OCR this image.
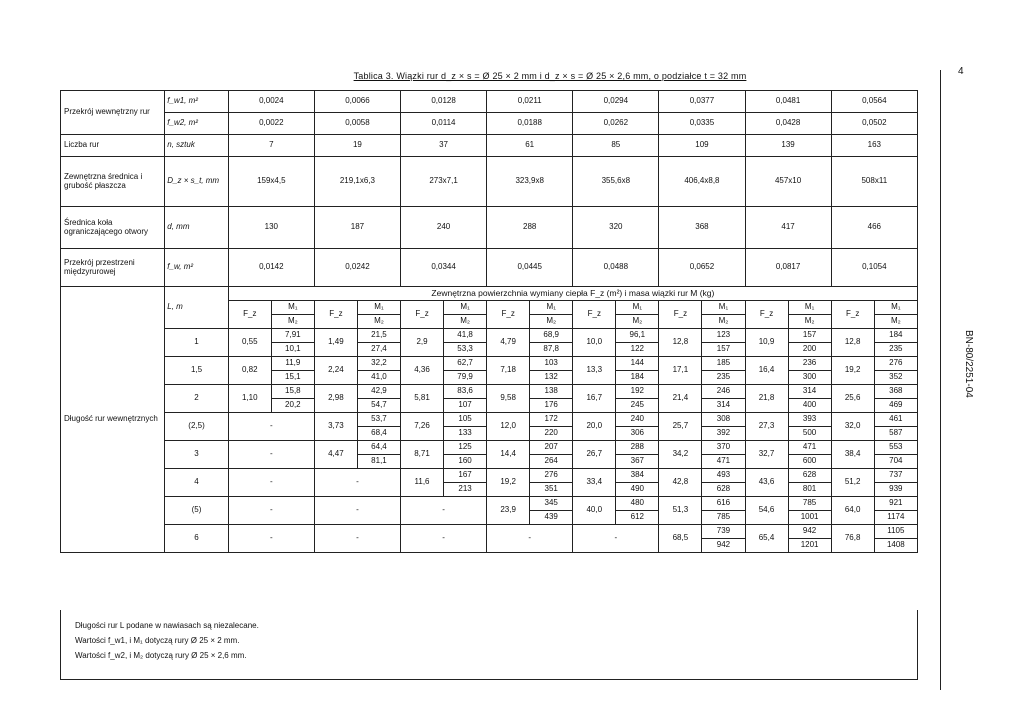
Tablica 3. Wiązki rur d_z × s = Ø 25 × 2 mm i d_z × s = Ø 25 × 2,6 mm, o podziałce t = 32 mm	4
BN-80/2251-04
Przekrój wewnętrzny rur	f_w1, m²	0,0024		0,0066		0,0128		0,0211		0,0294		0,0377		0,0481		0,0564	
	f_w2, m²	0,0022		0,0058		0,0114		0,0188		0,0262		0,0335		0,0428		0,0502	
Liczba rur	n, sztuk	7		19		37		61		85		109		139		163	
Zewnętrzna średnica i grubość płaszcza	D_z × s_t, mm	159x4,5		219,1x6,3		273x7,1		323,9x8		355,6x8		406,4x8,8		457x10		508x11	
Średnica koła ograniczającego otwory	d, mm	130		187		240		288		320		368		417		466	
Przekrój przestrzeni międzyrurowej	f_w, m²	0,0142		0,0242		0,0344		0,0445		0,0488		0,0652		0,0817		0,1054	
Długość rur wewnętrznych	L, m	Zewnętrzna powierzchnia wymiany ciepła F_z (m²) i masa wiązki rur M (kg)															
		F_z	M₁	F_z	M₁	F_z	M₁	F_z	M₁	F_z	M₁	F_z	M₁	F_z	M₁	F_z	M₁
			M₂		M₂		M₂		M₂		M₂		M₂		M₂		M₂
	1	0,55	7,91	1,49	21,5	2,9	41,8	4,79	68,9	10,0	96,1	12,8	123	10,9	157	12,8	184
			10,1		27,4		53,3		87,8		122		157		200		235
	1,5	0,82	11,9	2,24	32,2	4,36	62,7	7,18	103	13,3	144	17,1	185	16,4	236	19,2	276
			15,1		41,0		79,9		132		184		235		300		352
	2	1,10	15,8	2,98	42,9	5,81	83,6	9,58	138	16,7	192	21,4	246	21,8	314	25,6	368
			20,2		54,7		107		176		245		314		400		469
	(2,5)	-		3,73	53,7	7,26	105	12,0	172	20,0	240	25,7	308	27,3	393	32,0	461
					68,4		133		220		306		392		500		587
	3	-		4,47	64,4	8,71	125	14,4	207	26,7	288	34,2	370	32,7	471	38,4	553
					81,1		160		264		367		471		600		704
	4	-		-		11,6	167	19,2	276	33,4	384	42,8	493	43,6	628	51,2	737
							213		351		490		628		801		939
	(5)	-		-		-		23,9	345	40,0	480	51,3	616	54,6	785	64,0	921
									439		612		785		1001		1174
	6	-		-		-		-		-		68,5	739	65,4	942	76,8	1105
													942		1201		1408
Długości rur L podane w nawiasach są niezalecane.
Wartości f_w1, i M₁ dotyczą rury Ø 25 × 2 mm.
Wartości f_w2, i M₂ dotyczą rury Ø 25 × 2,6 mm.
